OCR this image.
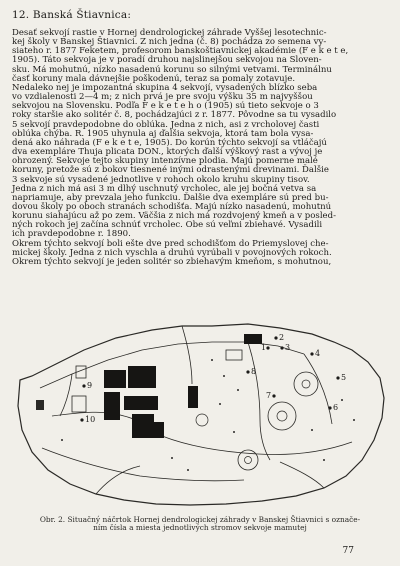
12. Banská Štiavnica:
Desať sekvojí rastie v Hornej dendrologickej záhrade Vyššej lesotechnic-
kej školy v Banskej Štiavnici. Z nich jedna (č. 8) pochádza zo semena vy-
siateho r. 1877 Feketem, profesorom banskoštiavnickej akadémie (F e k e t e,
1905). Táto sekvoja je v poradí druhou najslinejšou sekvojou na Sloven-
sku. Má mohutnú, nízko nasadenú korunu so silnými vetvami. Terminálnu
časť koruny mala dávnejšie poškodenú, teraz sa pomaly zotavuje.
Nedaleko nej je impozantná skupina 4 sekvojí, vysadených blízko seba
vo vzdialenosti 2—4 m; z nich prvá je pre svoju výšku 35 m najvyššou
sekvojou na Slovensku. Podľa F e k e t e h o (1905) sú tieto sekvoje o 3
roky staršie ako solitér č. 8, pochádzajúci z r. 1877. Pôvodne sa tu vysadilo
5 sekvojí pravdepodobne do oblúka. Jedna z nich, asi z vrcholovej časti
oblúka chýba. R. 1905 uhynula aj ďalšia sekvoja, ktorá tam bola vysa-
dená ako náhrada (F e k e t e, 1905). Do korún týchto sekvojí sa vtláčajú
dva exempláre Thuja plicata DON., ktorých ďalší výškový rast a vývoj je
ohrozený. Sekvoje tejto skupiny intenzívne plodia. Majú pomerne malé
koruny, pretože sú z bokov tiesnené inými odrastenými drevinami. Ďalšie
3 sekvoje sú vysadené jednotlive v rohoch okolo kruhu skupiny tisov.
Jedna z nich má asi 3 m dlhý uschnutý vrcholec, ale jej bočná vetva sa
napriamuje, aby prevzala jeho funkciu. Ďalšie dva exempláre sú pred bu-
dovou školy po oboch stranách schodišťa. Majú nízko nasadenú, mohutnú
korunu siahajúcu až po zem. Väčšia z nich má rozdvojený kmeň a v posled-
ných rokoch jej začína schnúť vrcholec. Obe sú veľmi zbiehavé. Vysadili
ich pravdepodobne r. 1890.
Okrem týchto sekvojí boli ešte dve pred schodišťom do Priemyslovej che-
mickej školy. Jedna z nich vyschla a druhú vyrúbali v povojnových rokoch.
Okrem týchto sekvojí je jeden solitér so zbiehavým kmeňom, s mohutnou,
2
3
4
1
5
6
7
8
9
10
Obr. 2. Situačný náčrtok Hornej dendrologickej záhrady v Banskej Štiavnici s označe-
ním čísla a miesta jednotlivých stromov sekvoje mamutej
77
